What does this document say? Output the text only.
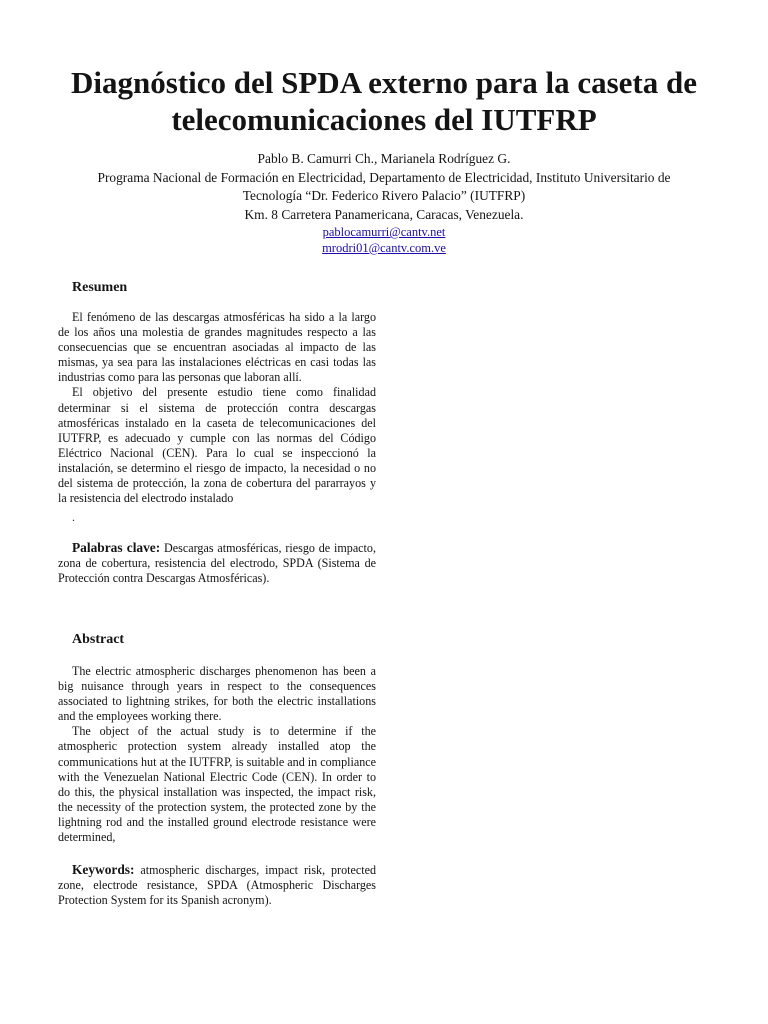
Diagnóstico del SPDA externo para la caseta de
telecomunicaciones del IUTFRP
Pablo B. Camurri Ch., Marianela Rodríguez G.
Programa Nacional de Formación en Electricidad, Departamento de Electricidad, Instituto Universitario de
Tecnología “Dr. Federico Rivero Palacio” (IUTFRP)
Km. 8 Carretera Panamericana, Caracas, Venezuela.
pablocamurri@cantv.net
mrodri01@cantv.com.ve
Resumen

El fenómeno de las descargas atmosféricas ha sido a la largo de los años una molestia de grandes magnitudes respecto a las consecuencias que se encuentran asociadas al impacto de las mismas, ya sea para las instalaciones eléctricas en casi todas las industrias como para las personas que laboran allí.

El objetivo del presente estudio tiene como finalidad determinar si el sistema de protección contra descargas atmosféricas instalado en la caseta de telecomunicaciones del IUTFRP, es adecuado y cumple con las normas del Código Eléctrico Nacional (CEN). Para lo cual se inspeccionó la instalación, se determino el riesgo de impacto, la necesidad o no del sistema de protección, la zona de cobertura del pararrayos y la resistencia del electrodo instalado

.

Palabras clave: Descargas atmosféricas, riesgo de impacto, zona de cobertura, resistencia del electrodo, SPDA (Sistema de Protección contra Descargas Atmosféricas).

Abstract

The electric atmospheric discharges phenomenon has been a big nuisance through years in respect to the consequences associated to lightning strikes, for both the electric installations and the employees working there.

The object of the actual study is to determine if the atmospheric protection system already installed atop the communications hut at the IUTFRP, is suitable and in compliance with the Venezuelan National Electric Code (CEN). In order to do this, the physical installation was inspected, the impact risk, the necessity of the protection system, the protected zone by the lightning rod and the installed ground electrode resistance were determined,

Keywords: atmospheric discharges, impact risk, protected zone, electrode resistance, SPDA (Atmospheric Discharges Protection System for its Spanish acronym).
